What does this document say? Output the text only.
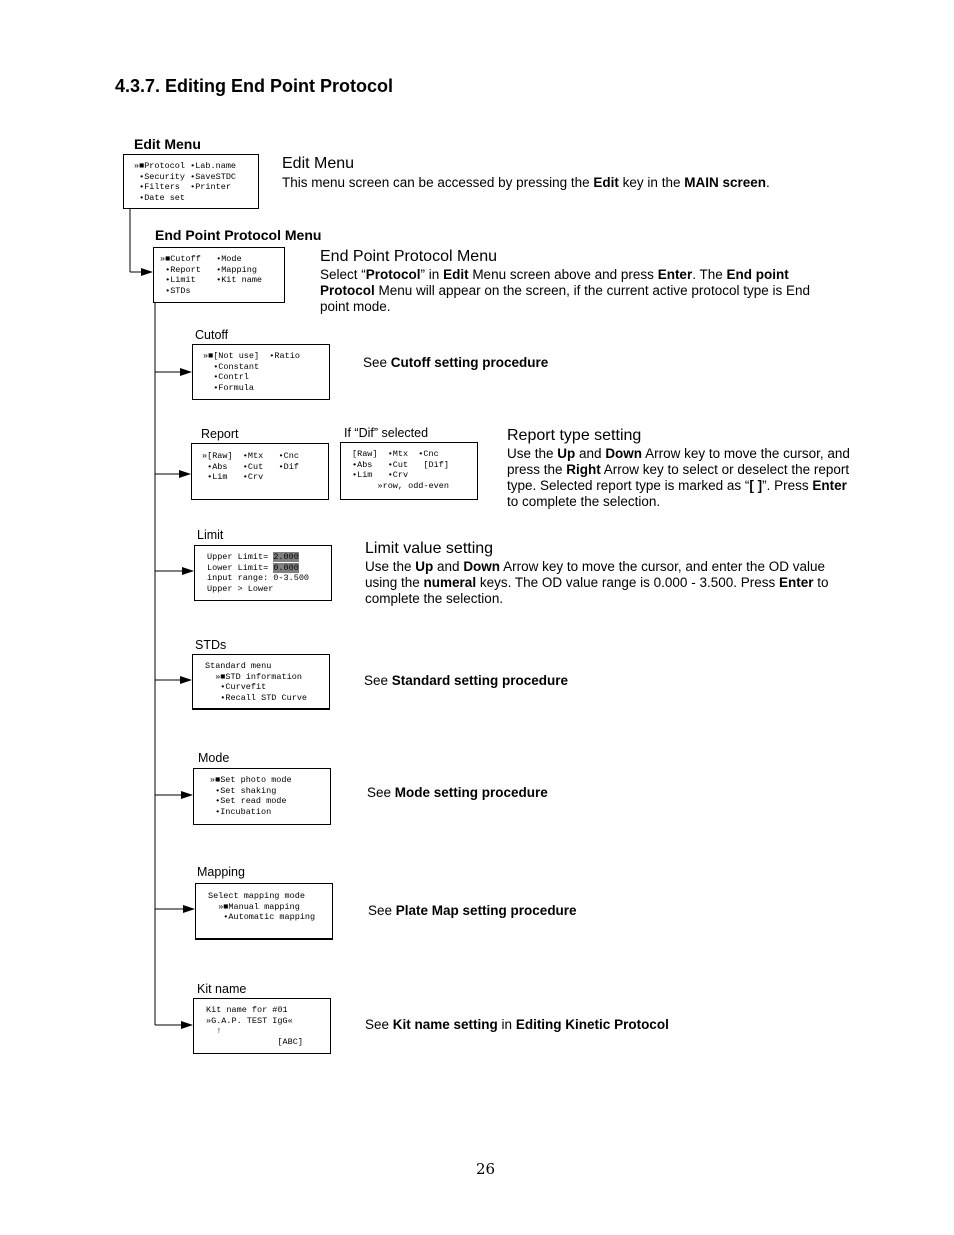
4.3.7. Editing End Point Protocol
Edit Menu
»■Protocol •Lab.name
•Security •SaveSTDC
•Filters  •Printer
•Date set
Edit Menu
This menu screen can be accessed by pressing the Edit key in the MAIN screen.
End Point Protocol Menu
»■Cutoff   •Mode
•Report   •Mapping
•Limit    •Kit name
•STDs
End Point Protocol Menu
Select “Protocol” in Edit Menu screen above and press Enter. The End point Protocol Menu will appear on the screen, if the current active protocol type is End point mode.
Cutoff
»■[Not use]  •Ratio
•Constant
•Contrl
•Formula
See Cutoff setting procedure
Report
»[Raw]  •Mtx   •Cnc
•Abs   •Cut   •Dif
•Lim   •Crv
If “Dif” selected
[Raw]  •Mtx  •Cnc
•Abs   •Cut   [Dif]
•Lim   •Crv
»row, odd-even
Report type setting
Use the Up and Down Arrow key to move the cursor, and press the Right Arrow key to select or deselect the report type. Selected report type is marked as “[ ]”. Press Enter to complete the selection.
Limit
Upper Limit= 2.000
Lower Limit= 0.000
input range: 0-3.500
Upper > Lower
Limit value setting
Use the Up and Down Arrow key to move the cursor, and enter the OD value using the numeral keys. The OD value range is 0.000 - 3.500. Press Enter to complete the selection.
STDs
Standard menu
»■STD information
•Curvefit
•Recall STD Curve
See Standard setting procedure
Mode
»■Set photo mode
•Set shaking
•Set read mode
•Incubation
See Mode setting procedure
Mapping
Select mapping mode
»■Manual mapping
•Automatic mapping	See Plate Map setting procedure
Kit name
Kit name for #01
»G.A.P. TEST IgG«
↑
[ABC]
See Kit name setting in Editing Kinetic Protocol
26
